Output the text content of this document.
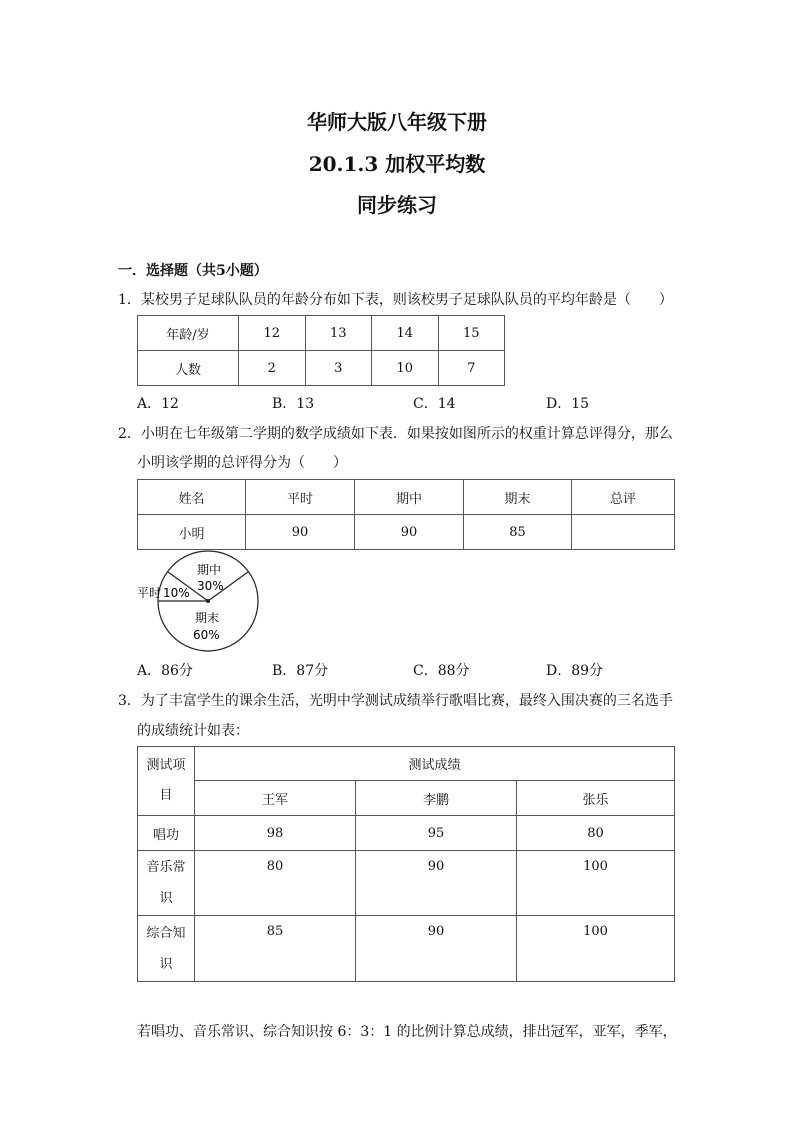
华师大版八年级下册
20.1.3 加权平均数
同步练习
一．选择题（共5小题）
1．某校男子足球队队员的年龄分布如下表，则该校男子足球队队员的平均年龄是（　　）
年龄/岁	12	13	14	15
人数	2	3	10	7
A．12	B．13	C．14	D．15
2．小明在七年级第二学期的数学成绩如下表．如果按如图所示的权重计算总评得分，那么
小明该学期的总评得分为（　　）
姓名	平时	期中	期末	总评
小明	90	90	85	
期中
30%
平时 10%
期末
60%
A．86分	B．87分	C．88分	D．89分
3．为了丰富学生的课余生活，光明中学测试成绩举行歌唱比赛，最终入围决赛的三名选手
的成绩统计如表：
测试项
目	测试成绩		
	王军	李鹏	张乐
唱功	98	95	80
音乐常
识	80	90	100
综合知
识	85	90	100
若唱功、音乐常识、综合知识按 6：3：1 的比例计算总成绩，排出冠军，亚军，季军，
